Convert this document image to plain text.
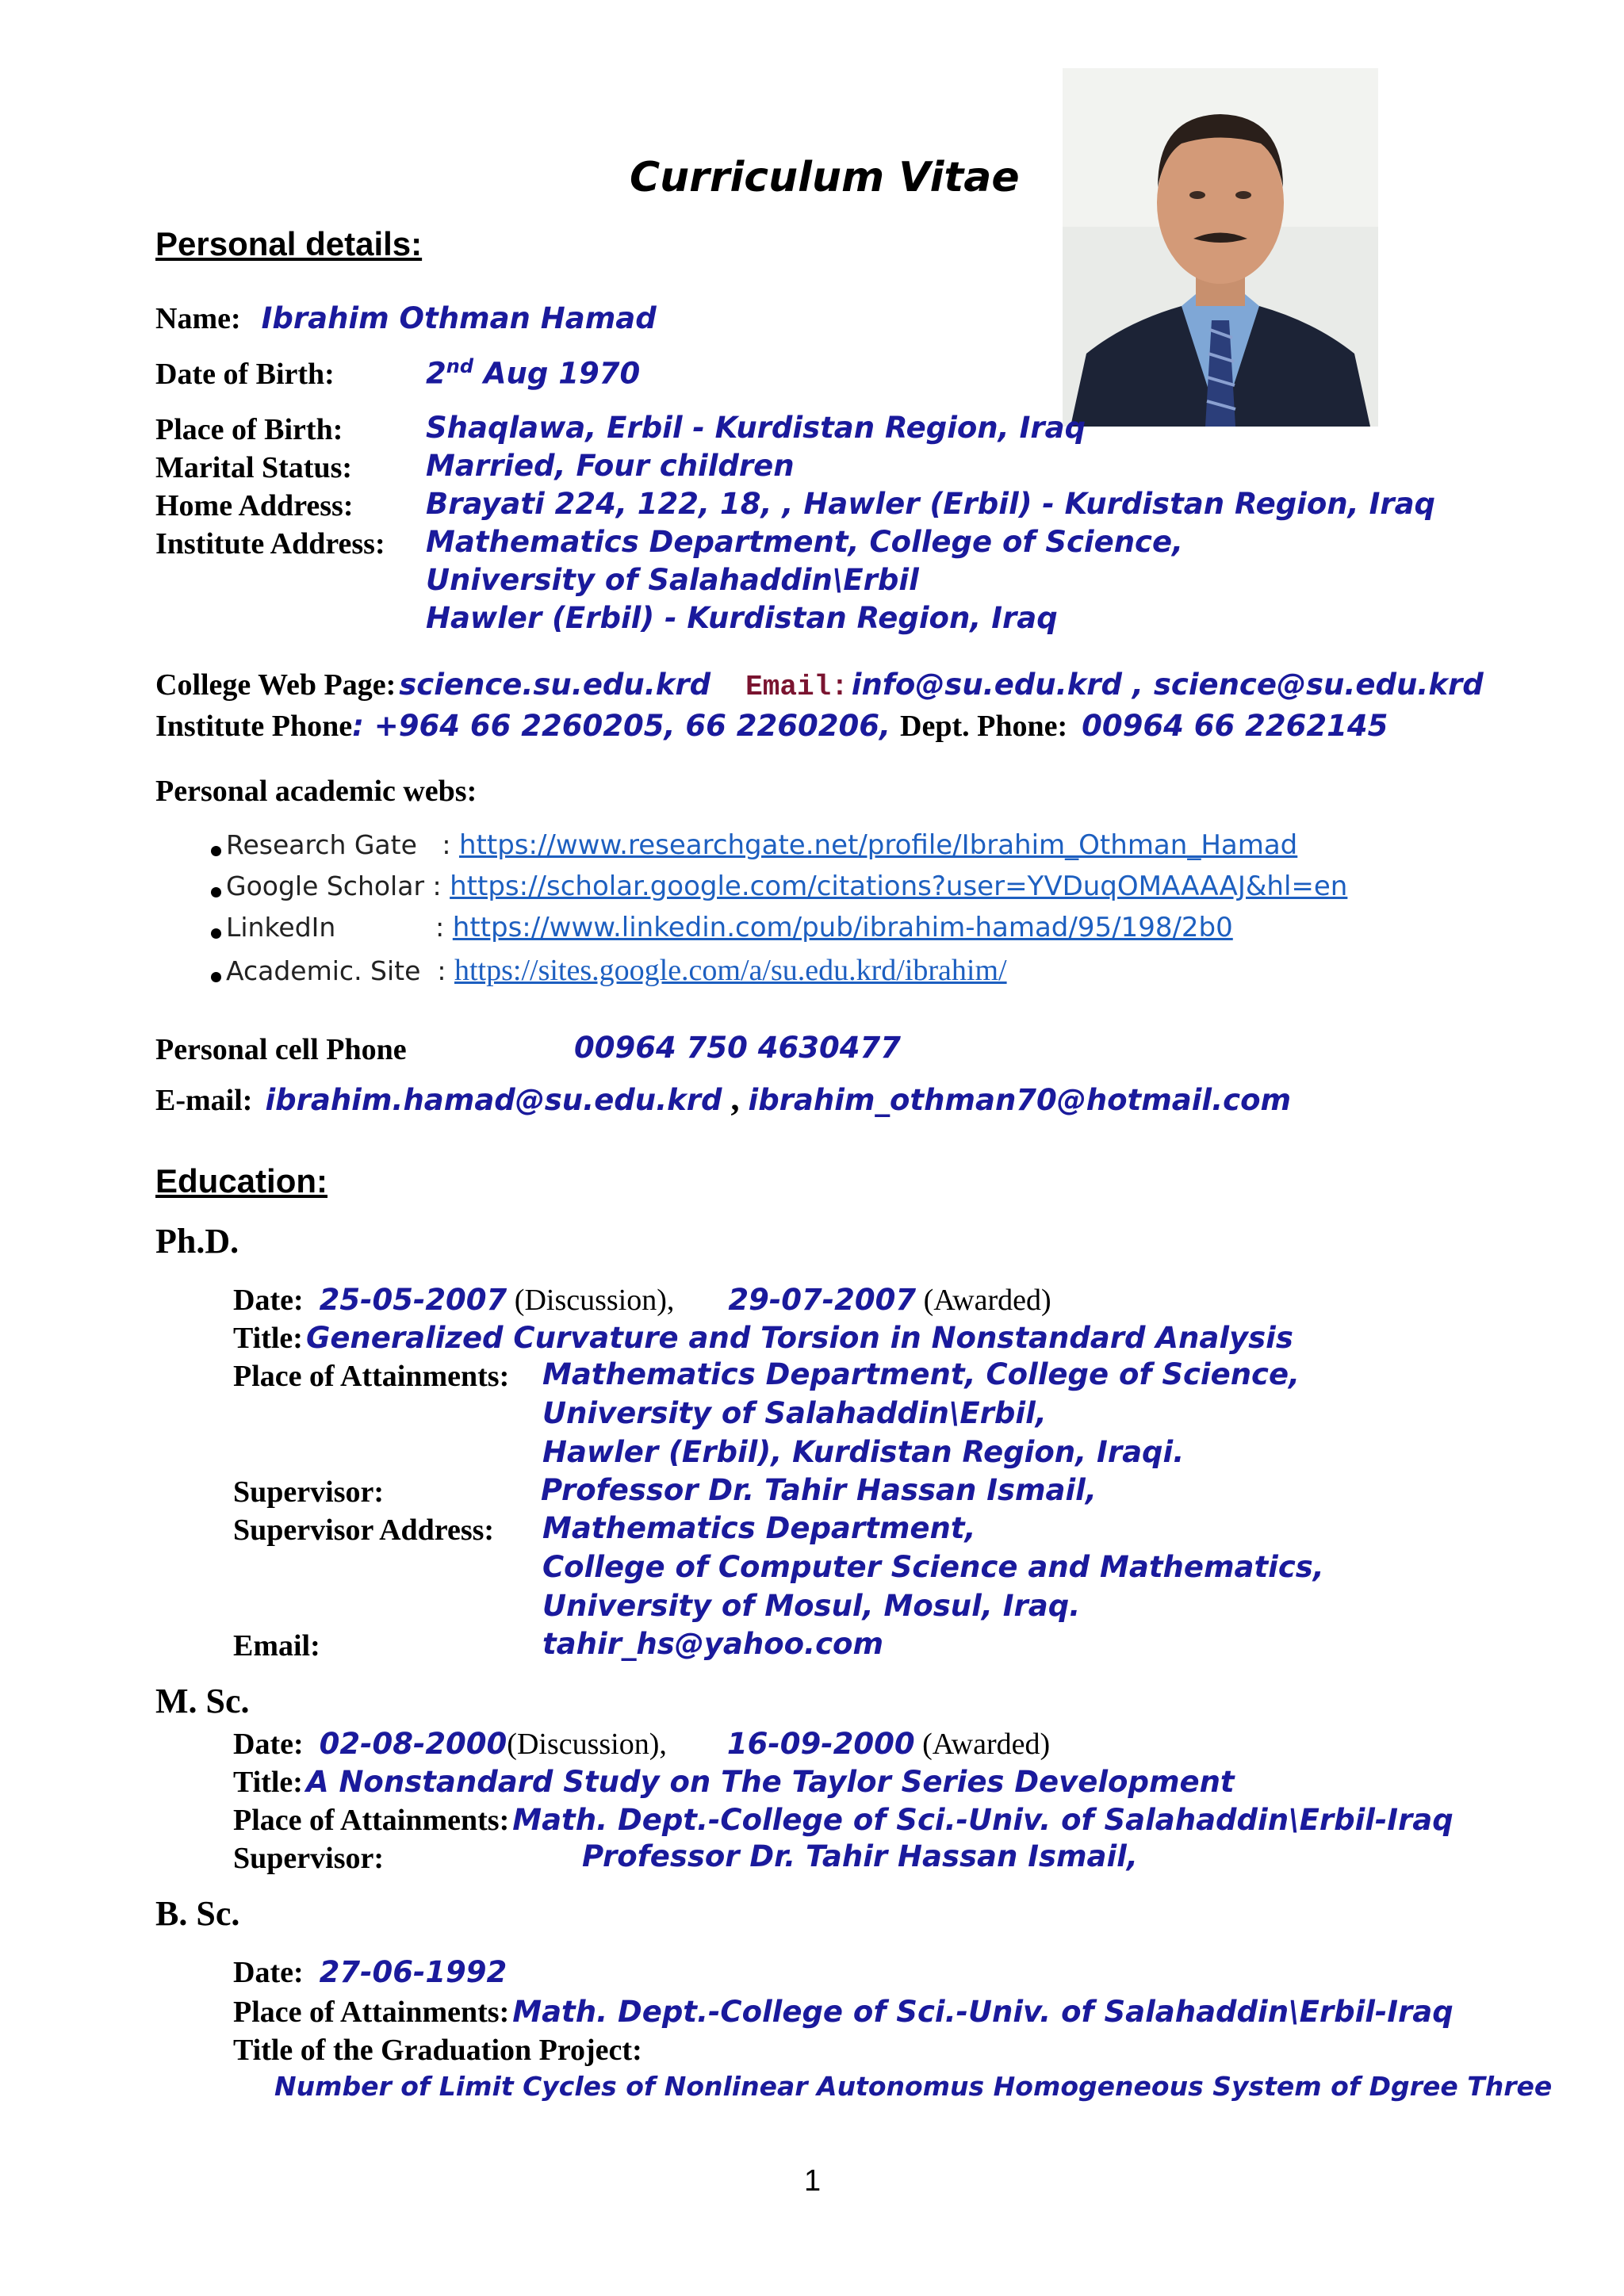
Curriculum Vitae
Personal details:
Name: Ibrahim Othman Hamad
Date of Birth:	2nd Aug 1970
Place of Birth:	Shaqlawa, Erbil - Kurdistan Region, Iraq
Marital Status:	Married, Four children
Home Address: Brayati 224, 122, 18, , Hawler (Erbil) - Kurdistan Region, Iraq
Institute Address: Mathematics Department, College of Science,
University of Salahaddin\Erbil
Hawler (Erbil) - Kurdistan Region, Iraq
College Web Page: science.su.edu.krd Email: info@su.edu.krd , science@su.edu.krd
Institute Phone: +964 66 2260205, 66 2260206, Dept. Phone: 00964 66 2262145
Personal academic webs:
Research Gate   : https://www.researchgate.net/profile/Ibrahim_Othman_Hamad
Google Scholar : https://scholar.google.com/citations?user=YVDuqOMAAAAJ&hl=en
LinkedIn            : https://www.linkedin.com/pub/ibrahim-hamad/95/198/2b0
Academic. Site  : https://sites.google.com/a/su.edu.krd/ibrahim/
Personal cell Phone	00964 750 4630477
E-mail: ibrahim.hamad@su.edu.krd , ibrahim_othman70@hotmail.com
Education:
Ph.D.
Date: 25-05-2007 (Discussion), 29-07-2007 (Awarded)
Title: Generalized Curvature and Torsion in Nonstandard Analysis
Place of Attainments: Mathematics Department, College of Science,
University of Salahaddin\Erbil,
Hawler (Erbil), Kurdistan Region, Iraqi.
Supervisor:	Professor Dr. Tahir Hassan Ismail,
Supervisor Address: Mathematics Department,
College of Computer Science and Mathematics,
University of Mosul, Mosul, Iraq.
Email:	tahir_hs@yahoo.com
M. Sc.
Date: 02-08-2000(Discussion), 16-09-2000 (Awarded)
Title: A Nonstandard Study on The Taylor Series Development
Place of Attainments: Math. Dept.-College of Sci.-Univ. of Salahaddin\Erbil-Iraq
Supervisor:	Professor Dr. Tahir Hassan Ismail,
B. Sc.
Date: 27-06-1992
Place of Attainments: Math. Dept.-College of Sci.-Univ. of Salahaddin\Erbil-Iraq
Title of the Graduation Project:
Number of Limit Cycles of Nonlinear Autonomus Homogeneous System of Dgree Three
1
